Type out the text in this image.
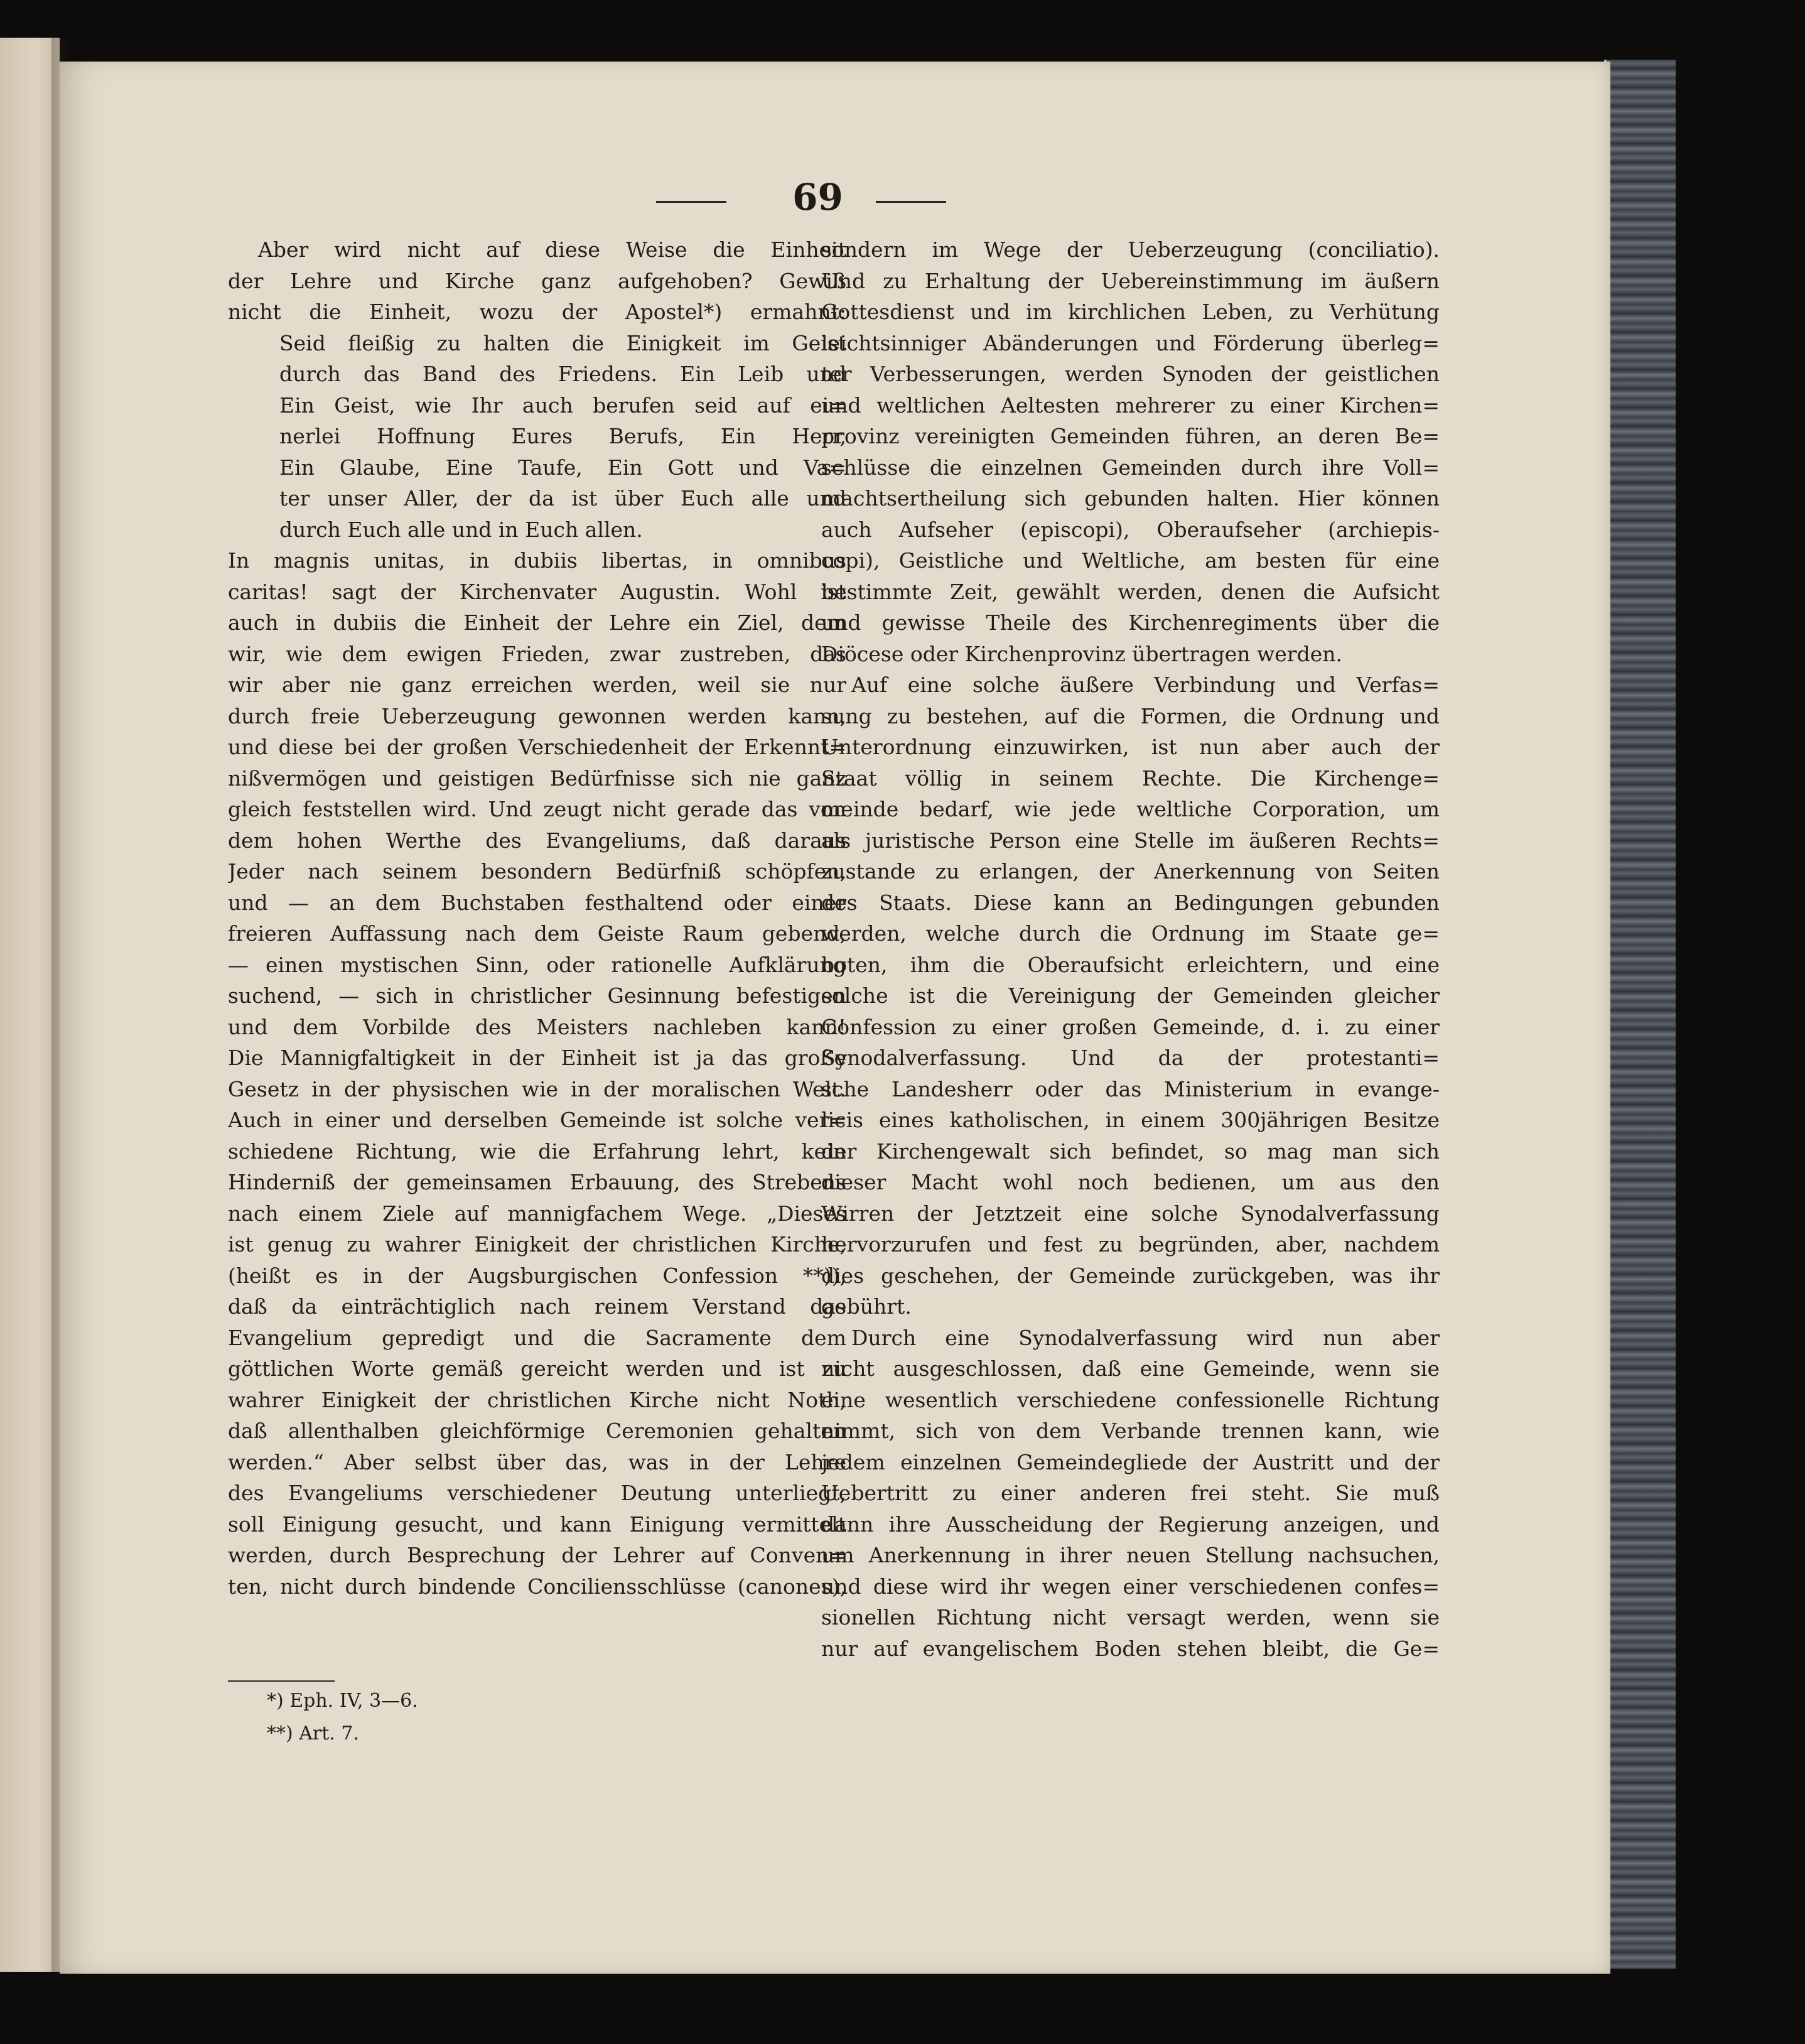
69
Aber wird nicht auf diese Weise die Einheit
der Lehre und Kirche ganz aufgehoben? Gewiß
nicht die Einheit, wozu der Apostel*) ermahnt:
Seid fleißig zu halten die Einigkeit im Geist
durch das Band des Friedens. Ein Leib und
Ein Geist, wie Ihr auch berufen seid auf ei=
nerlei Hoffnung Eures Berufs, Ein Herr,
Ein Glaube, Eine Taufe, Ein Gott und Va=
ter unser Aller, der da ist über Euch alle und
durch Euch alle und in Euch allen.
In magnis unitas, in dubiis libertas, in omnibus
caritas! sagt der Kirchenvater Augustin. Wohl ist
auch in dubiis die Einheit der Lehre ein Ziel, dem
wir, wie dem ewigen Frieden, zwar zustreben, das
wir aber nie ganz erreichen werden, weil sie nur
durch freie Ueberzeugung gewonnen werden kann,
und diese bei der großen Verschiedenheit der Erkennt=
nißvermögen und geistigen Bedürfnisse sich nie ganz
gleich feststellen wird. Und zeugt nicht gerade das von
dem hohen Werthe des Evangeliums, daß daraus
Jeder nach seinem besondern Bedürfniß schöpfen,
und — an dem Buchstaben festhaltend oder einer
freieren Auffassung nach dem Geiste Raum gebend,
— einen mystischen Sinn, oder rationelle Aufklärung
suchend, — sich in christlicher Gesinnung befestigen
und dem Vorbilde des Meisters nachleben kann!
Die Mannigfaltigkeit in der Einheit ist ja das große
Gesetz in der physischen wie in der moralischen Welt.
Auch in einer und derselben Gemeinde ist solche ver=
schiedene Richtung, wie die Erfahrung lehrt, kein
Hinderniß der gemeinsamen Erbauung, des Strebens
nach einem Ziele auf mannigfachem Wege. „Dieses
ist genug zu wahrer Einigkeit der christlichen Kirche,
(heißt es in der Augsburgischen Confession **)),
daß da einträchtiglich nach reinem Verstand das
Evangelium gepredigt und die Sacramente dem
göttlichen Worte gemäß gereicht werden und ist zu
wahrer Einigkeit der christlichen Kirche nicht Noth,
daß allenthalben gleichförmige Ceremonien gehalten
werden.“ Aber selbst über das, was in der Lehre
des Evangeliums verschiedener Deutung unterliegt,
soll Einigung gesucht, und kann Einigung vermittelt
werden, durch Besprechung der Lehrer auf Conven=
ten, nicht durch bindende Conciliensschlüsse (canones),
sondern im Wege der Ueberzeugung (conciliatio).
Und zu Erhaltung der Uebereinstimmung im äußern
Gottesdienst und im kirchlichen Leben, zu Verhütung
leichtsinniger Abänderungen und Förderung überleg=
ter Verbesserungen, werden Synoden der geistlichen
und weltlichen Aeltesten mehrerer zu einer Kirchen=
provinz vereinigten Gemeinden führen, an deren Be=
schlüsse die einzelnen Gemeinden durch ihre Voll=
machtsertheilung sich gebunden halten. Hier können
auch Aufseher (episcopi), Oberaufseher (archiepis-
copi), Geistliche und Weltliche, am besten für eine
bestimmte Zeit, gewählt werden, denen die Aufsicht
und gewisse Theile des Kirchenregiments über die
Diöcese oder Kirchenprovinz übertragen werden.
Auf eine solche äußere Verbindung und Verfas=
sung zu bestehen, auf die Formen, die Ordnung und
Unterordnung einzuwirken, ist nun aber auch der
Staat völlig in seinem Rechte. Die Kirchenge=
meinde bedarf, wie jede weltliche Corporation, um
als juristische Person eine Stelle im äußeren Rechts=
zustande zu erlangen, der Anerkennung von Seiten
des Staats. Diese kann an Bedingungen gebunden
werden, welche durch die Ordnung im Staate ge=
boten, ihm die Oberaufsicht erleichtern, und eine
solche ist die Vereinigung der Gemeinden gleicher
Confession zu einer großen Gemeinde, d. i. zu einer
Synodalverfassung. Und da der protestanti=
sche Landesherr oder das Ministerium in evange-
licis eines katholischen, in einem 300jährigen Besitze
der Kirchengewalt sich befindet, so mag man sich
dieser Macht wohl noch bedienen, um aus den
Wirren der Jetztzeit eine solche Synodalverfassung
hervorzurufen und fest zu begründen, aber, nachdem
dies geschehen, der Gemeinde zurückgeben, was ihr
gebührt.
Durch eine Synodalverfassung wird nun aber
nicht ausgeschlossen, daß eine Gemeinde, wenn sie
eine wesentlich verschiedene confessionelle Richtung
nimmt, sich von dem Verbande trennen kann, wie
jedem einzelnen Gemeindegliede der Austritt und der
Uebertritt zu einer anderen frei steht. Sie muß
dann ihre Ausscheidung der Regierung anzeigen, und
um Anerkennung in ihrer neuen Stellung nachsuchen,
und diese wird ihr wegen einer verschiedenen confes=
sionellen Richtung nicht versagt werden, wenn sie
nur auf evangelischem Boden stehen bleibt, die Ge=
*) Eph. IV, 3—6.
**) Art. 7.
